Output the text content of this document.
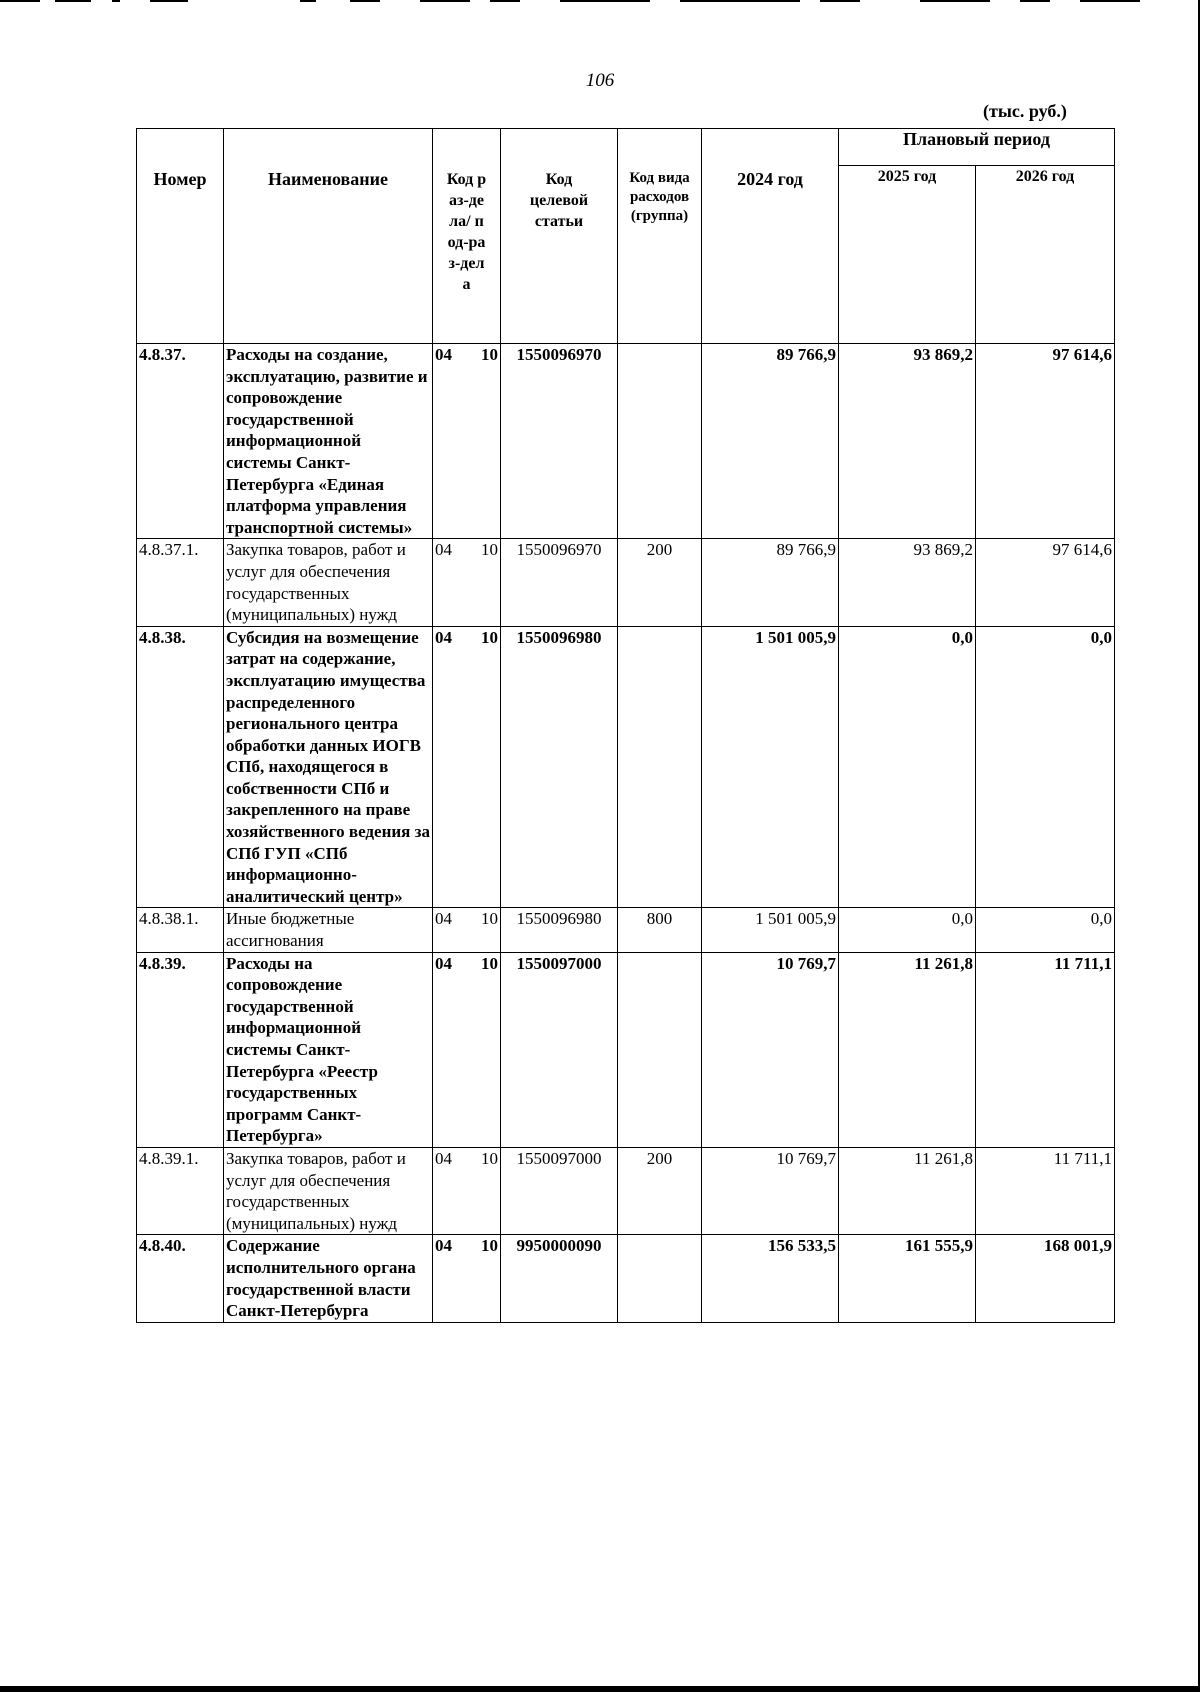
106
(тыс. руб.)
Номер	Наименование	Код раз-дела/ под-раз-дела	Код целевой статьи	Код вида расходов (группа)	2024 год	Плановый период	
						2025 год	2026 год
4.8.37.	Расходы на создание, эксплуатацию, развитие и сопровождение государственной информационной системы Санкт-Петербурга «Единая платформа управления транспортной системы»	04 10	1550096970		89 766,9	93 869,2	97 614,6
4.8.37.1.	Закупка товаров, работ и услуг для обеспечения государственных (муниципальных) нужд	04 10	1550096970	200	89 766,9	93 869,2	97 614,6
4.8.38.	Субсидия на возмещение затрат на содержание, эксплуатацию имущества распределенного регионального центра обработки данных ИОГВ СПб, находящегося в собственности СПб и закрепленного на праве хозяйственного ведения за СПб ГУП «СПб информационно-аналитический центр»	04 10	1550096980		1 501 005,9	0,0	0,0
4.8.38.1.	Иные бюджетные ассигнования	04 10	1550096980	800	1 501 005,9	0,0	0,0
4.8.39.	Расходы на сопровождение государственной информационной системы Санкт-Петербурга «Реестр государственных программ Санкт-Петербурга»	04 10	1550097000		10 769,7	11 261,8	11 711,1
4.8.39.1.	Закупка товаров, работ и услуг для обеспечения государственных (муниципальных) нужд	04 10	1550097000	200	10 769,7	11 261,8	11 711,1
4.8.40.	Содержание исполнительного органа государственной власти Санкт-Петербурга	04 10	9950000090		156 533,5	161 555,9	168 001,9
